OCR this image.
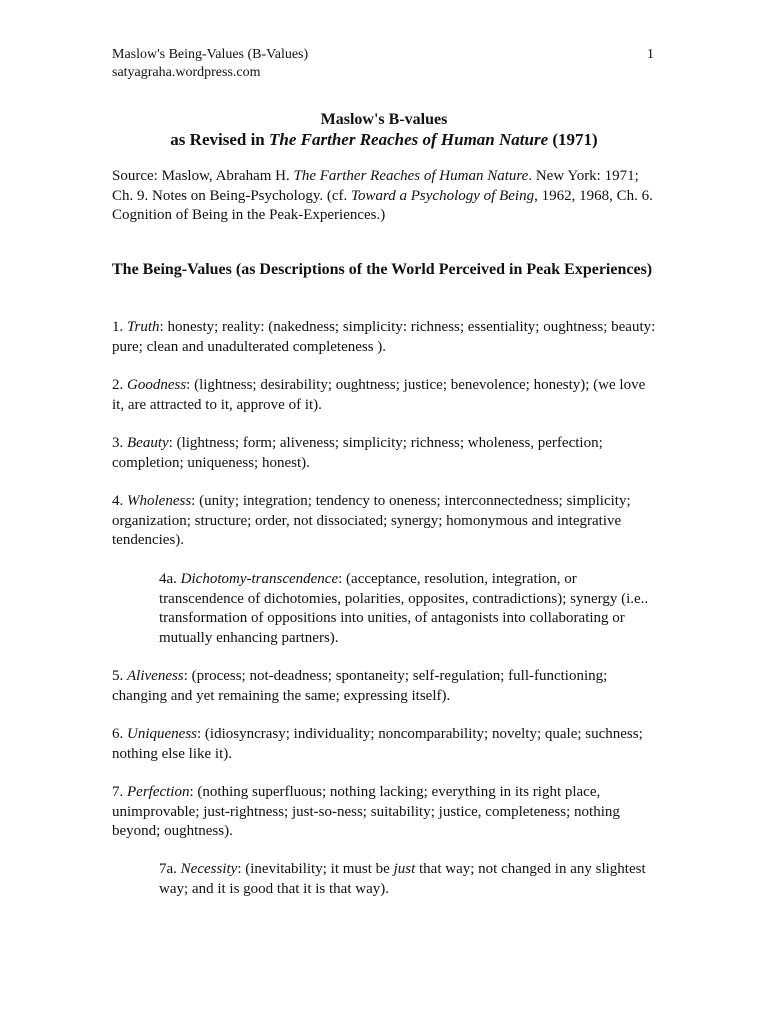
Maslow's Being-Values (B-Values)
satyagraha.wordpress.com
1
Maslow's B-values
as Revised in The Farther Reaches of Human Nature (1971)
Source: Maslow, Abraham H. The Farther Reaches of Human Nature. New York: 1971; Ch. 9. Notes on Being-Psychology. (cf. Toward a Psychology of Being, 1962, 1968, Ch. 6. Cognition of Being in the Peak-Experiences.)
The Being-Values (as Descriptions of the World Perceived in Peak Experiences)
1. Truth: honesty; reality: (nakedness; simplicity: richness; essentiality; oughtness; beauty: pure; clean and unadulterated completeness ).
2. Goodness: (lightness; desirability; oughtness; justice; benevolence; honesty); (we love it, are attracted to it, approve of it).
3. Beauty: (lightness; form; aliveness; simplicity; richness; wholeness, perfection; completion; uniqueness; honest).
4. Wholeness: (unity; integration; tendency to oneness; interconnectedness; simplicity; organization; structure; order, not dissociated; synergy; homonymous and integrative tendencies).
4a. Dichotomy-transcendence: (acceptance, resolution, integration, or transcendence of dichotomies, polarities, opposites, contradictions); synergy (i.e.. transformation of oppositions into unities, of antagonists into collaborating or mutually enhancing partners).
5. Aliveness: (process; not-deadness; spontaneity; self-regulation; full-functioning; changing and yet remaining the same; expressing itself).
6. Uniqueness: (idiosyncrasy; individuality; noncomparability; novelty; quale; suchness; nothing else like it).
7. Perfection: (nothing superfluous; nothing lacking; everything in its right place, unimprovable; just-rightness; just-so-ness; suitability; justice, completeness; nothing beyond; oughtness).
7a. Necessity: (inevitability; it must be just that way; not changed in any slightest way; and it is good that it is that way).
